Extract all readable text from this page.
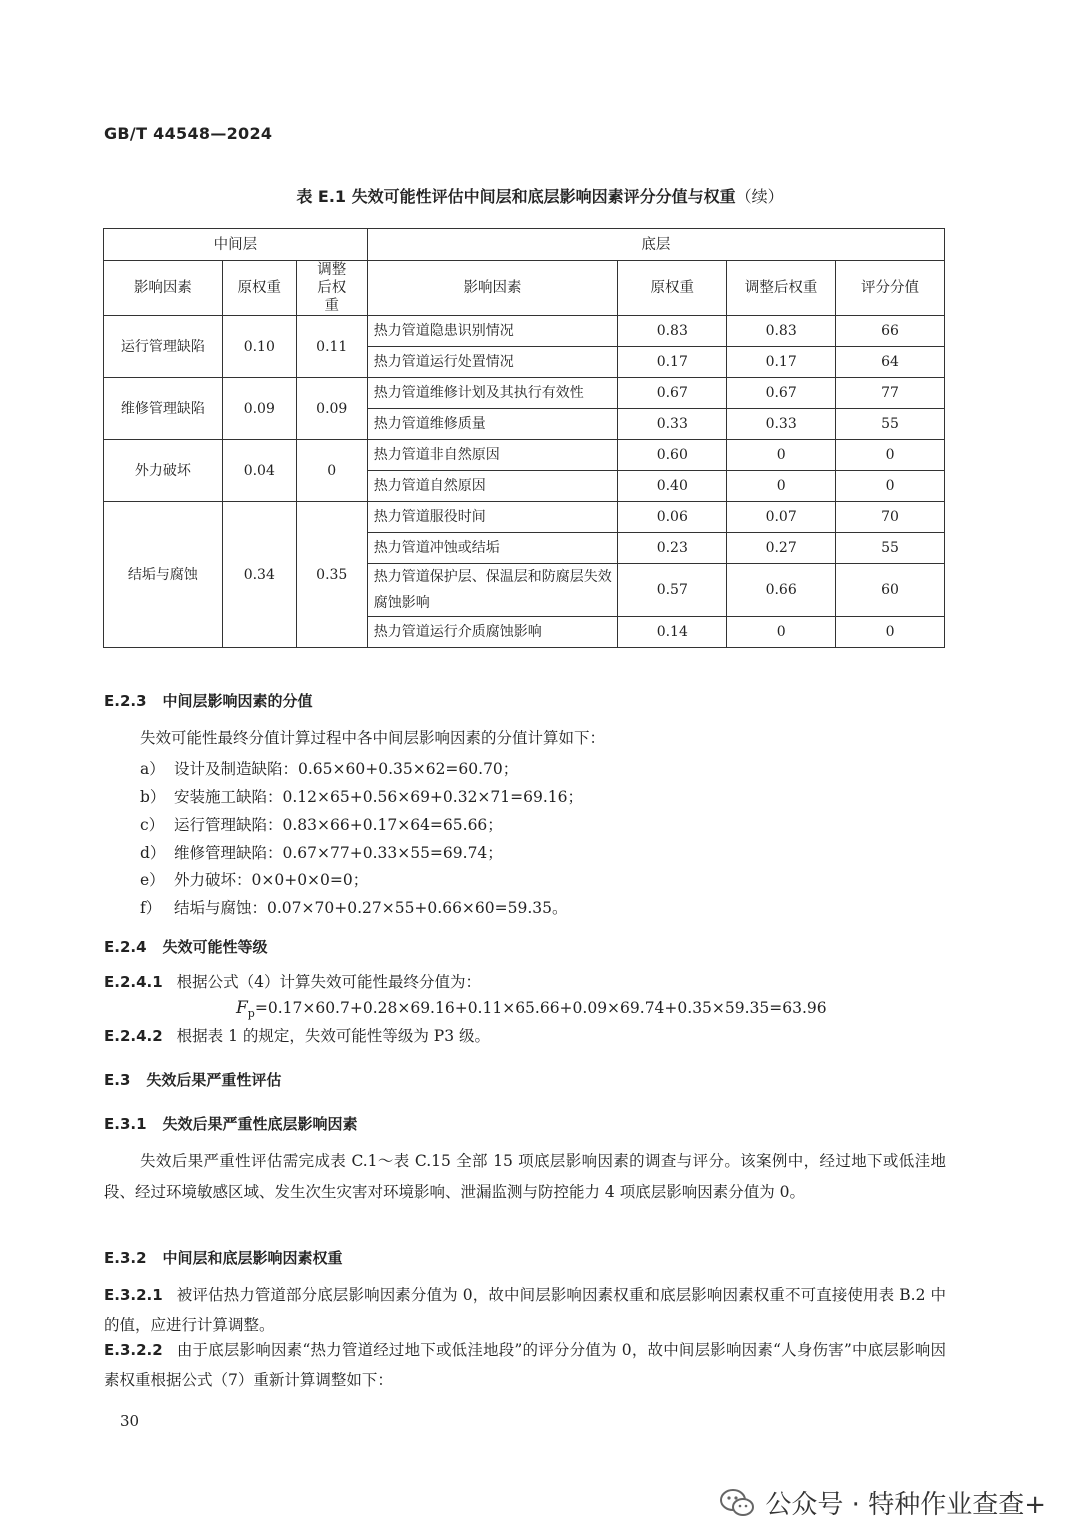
GB/T 44548—2024
表 E.1 失效可能性评估中间层和底层影响因素评分分值与权重（续）
中间层			底层			
影响因素	原权重	调整后权重	影响因素	原权重	调整后权重	评分分值
运行管理缺陷	0.10	0.11	热力管道隐患识别情况	0.83	0.83	66
			热力管道运行处置情况	0.17	0.17	64
维修管理缺陷	0.09	0.09	热力管道维修计划及其执行有效性	0.67	0.67	77
			热力管道维修质量	0.33	0.33	55
外力破坏	0.04	0	热力管道非自然原因	0.60	0	0
			热力管道自然原因	0.40	0	0
结垢与腐蚀	0.34	0.35	热力管道服役时间	0.06	0.07	70
			热力管道冲蚀或结垢	0.23	0.27	55
			热力管道保护层、保温层和防腐层失效腐蚀影响	0.57	0.66	60
			热力管道运行介质腐蚀影响	0.14	0	0
E.2.3 中间层影响因素的分值
失效可能性最终分值计算过程中各中间层影响因素的分值计算如下：
a） 设计及制造缺陷：0.65×60+0.35×62=60.70；
b） 安装施工缺陷：0.12×65+0.56×69+0.32×71=69.16；
c） 运行管理缺陷：0.83×66+0.17×64=65.66；
d） 维修管理缺陷：0.67×77+0.33×55=69.74；
e） 外力破坏：0×0+0×0=0；
f） 结垢与腐蚀：0.07×70+0.27×55+0.66×60=59.35。
E.2.4 失效可能性等级
E.2.4.1 根据公式（4）计算失效可能性最终分值为：
$F_p=0.17\times 60.7+0.28\times 69.16+0.11\times 65.66+0.09\times 69.74+0.35\times 59.35=63.96$
E.2.4.2 根据表 1 的规定，失效可能性等级为 P3 级。
E.3 失效后果严重性评估
E.3.1 失效后果严重性底层影响因素
失效后果严重性评估需完成表 C.1～表 C.15 全部 15 项底层影响因素的调查与评分。该案例中，经过地下或低洼地段、经过环境敏感区域、发生次生灾害对环境影响、泄漏监测与防控能力 4 项底层影响因素分值为 0。
E.3.2 中间层和底层影响因素权重
E.3.2.1 被评估热力管道部分底层影响因素分值为 0，故中间层影响因素权重和底层影响因素权重不可直接使用表 B.2 中的值，应进行计算调整。
E.3.2.2 由于底层影响因素“热力管道经过地下或低洼地段”的评分分值为 0，故中间层影响因素“人身伤害”中底层影响因素权重根据公式（7）重新计算调整如下：
30
公众号 · 特种作业查查+
